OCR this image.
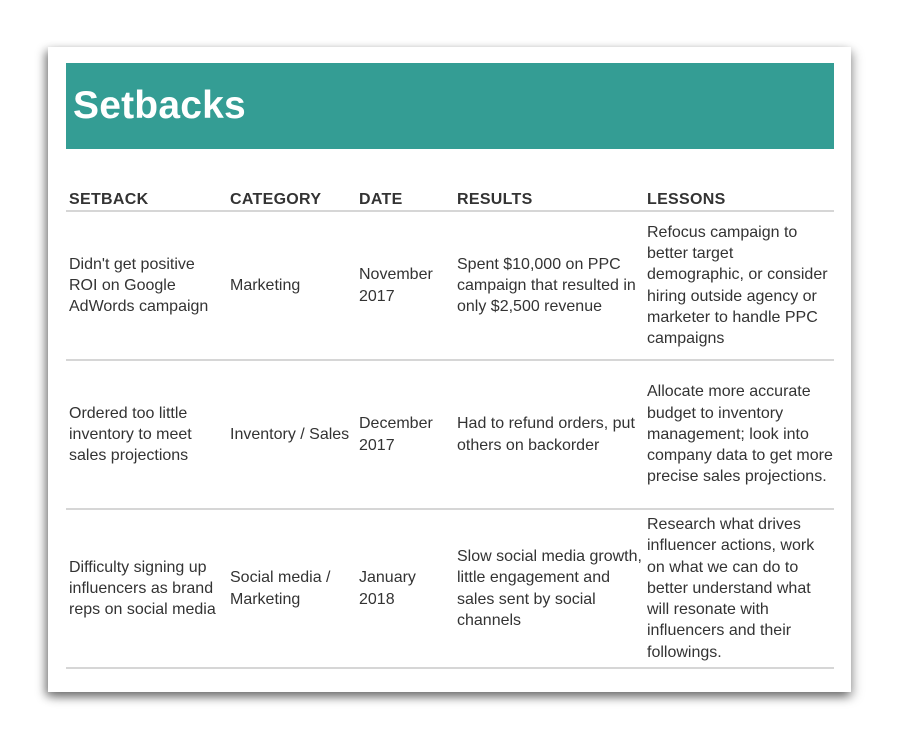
Setbacks
SETBACK	CATEGORY	DATE	RESULTS	LESSONS
Didn't get positive ROI on Google AdWords campaign	Marketing	November 2017	Spent $10,000 on PPC campaign that resulted in only $2,500 revenue	Refocus campaign to better target demographic, or consider hiring outside agency or marketer to handle PPC campaigns
Ordered too little inventory to meet sales projections	Inventory / Sales	December 2017	Had to refund orders, put others on backorder	Allocate more accurate budget to inventory management; look into company data to get more precise sales projections.
Difficulty signing up influencers as brand reps on social media	Social media / Marketing	January 2018	Slow social media growth, little engagement and sales sent by social channels	Research what drives influencer actions, work on what we can do to better understand what will resonate with influencers and their followings.
